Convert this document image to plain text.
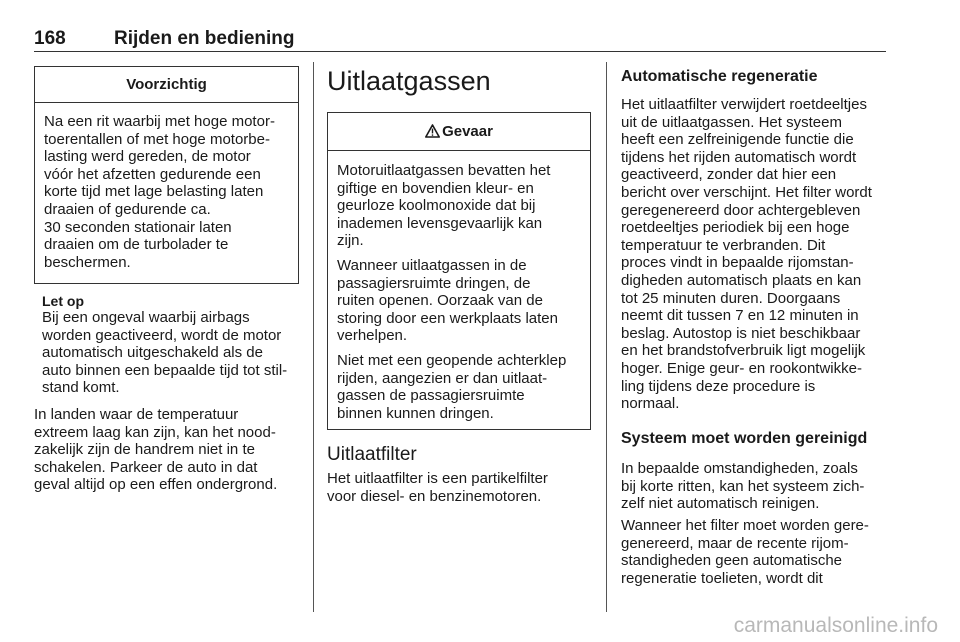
168	Rijden en bediening
Voorzichtig

Na een rit waarbij met hoge motor-

toerentallen of met hoge motorbe-

lasting werd gereden, de motor

vóór het afzetten gedurende een

korte tijd met lage belasting laten

draaien of gedurende ca.

30 seconden stationair laten

draaien om de turbolader te

beschermen.

Let op

Bij een ongeval waarbij airbags

worden geactiveerd, wordt de motor

automatisch uitgeschakeld als de

auto binnen een bepaalde tijd tot stil-

stand komt.

In landen waar de temperatuur

extreem laag kan zijn, kan het nood-

zakelijk zijn de handrem niet in te

schakelen. Parkeer de auto in dat

geval altijd op een effen ondergrond.

Uitlaatgassen
Gevaar

Motoruitlaatgassen bevatten het

giftige en bovendien kleur- en

geurloze koolmonoxide dat bij

inademen levensgevaarlijk kan

zijn.

Wanneer uitlaatgassen in de

passagiersruimte dringen, de

ruiten openen. Oorzaak van de

storing door een werkplaats laten

verhelpen.

Niet met een geopende achterklep

rijden, aangezien er dan uitlaat-

gassen de passagiersruimte

binnen kunnen dringen.

Uitlaatfilter

Het uitlaatfilter is een partikelfilter

voor diesel- en benzinemotoren.

Automatische regeneratie

Het uitlaatfilter verwijdert roetdeeltjes

uit de uitlaatgassen. Het systeem

heeft een zelfreinigende functie die

tijdens het rijden automatisch wordt

geactiveerd, zonder dat hier een

bericht over verschijnt. Het filter wordt

geregenereerd door achtergebleven

roetdeeltjes periodiek bij een hoge

temperatuur te verbranden. Dit

proces vindt in bepaalde rijomstan-

digheden automatisch plaats en kan

tot 25 minuten duren. Doorgaans

neemt dit tussen 7 en 12 minuten in

beslag. Autostop is niet beschikbaar

en het brandstofverbruik ligt mogelijk

hoger. Enige geur- en rookontwikke-

ling tijdens deze procedure is

normaal.

Systeem moet worden gereinigd

In bepaalde omstandigheden, zoals

bij korte ritten, kan het systeem zich-

zelf niet automatisch reinigen.

Wanneer het filter moet worden gere-

genereerd, maar de recente rijom-

standigheden geen automatische

regeneratie toelieten, wordt dit

carmanualsonline.info
